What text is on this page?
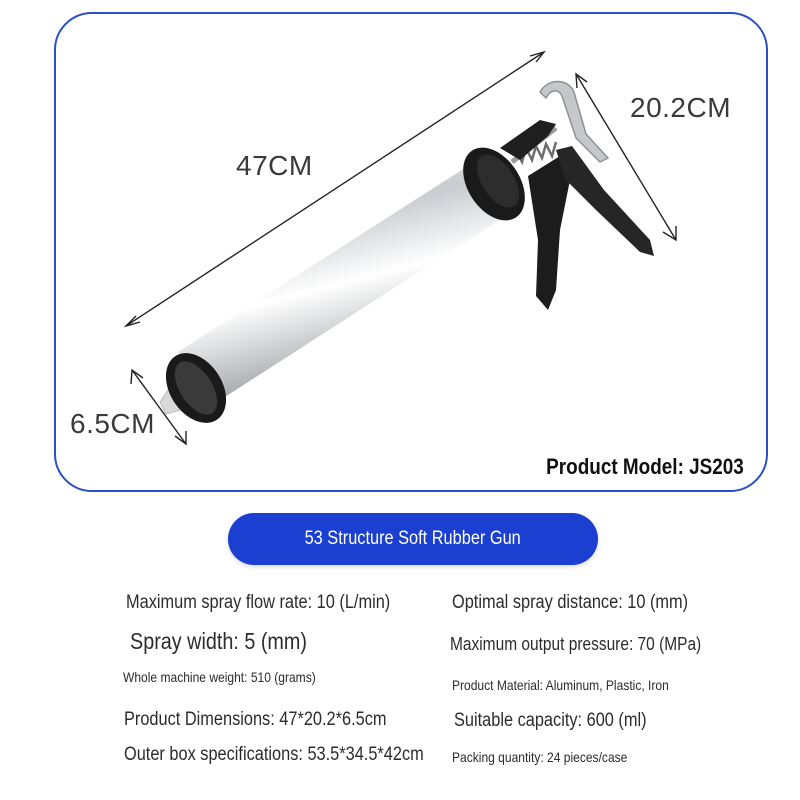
47CM
20.2CM
6.5CM
Product Model: JS203
53 Structure Soft Rubber Gun
Maximum spray flow rate: 10 (L/min)	Optimal spray distance: 10 (mm)
Spray width: 5 (mm)	Maximum output pressure: 70 (MPa)
Whole machine weight: 510 (grams)	Product Material: Aluminum, Plastic, Iron
Product Dimensions: 47*20.2*6.5cm	Suitable capacity: 600 (ml)
Outer box specifications: 53.5*34.5*42cm Packing quantity: 24 pieces/case
